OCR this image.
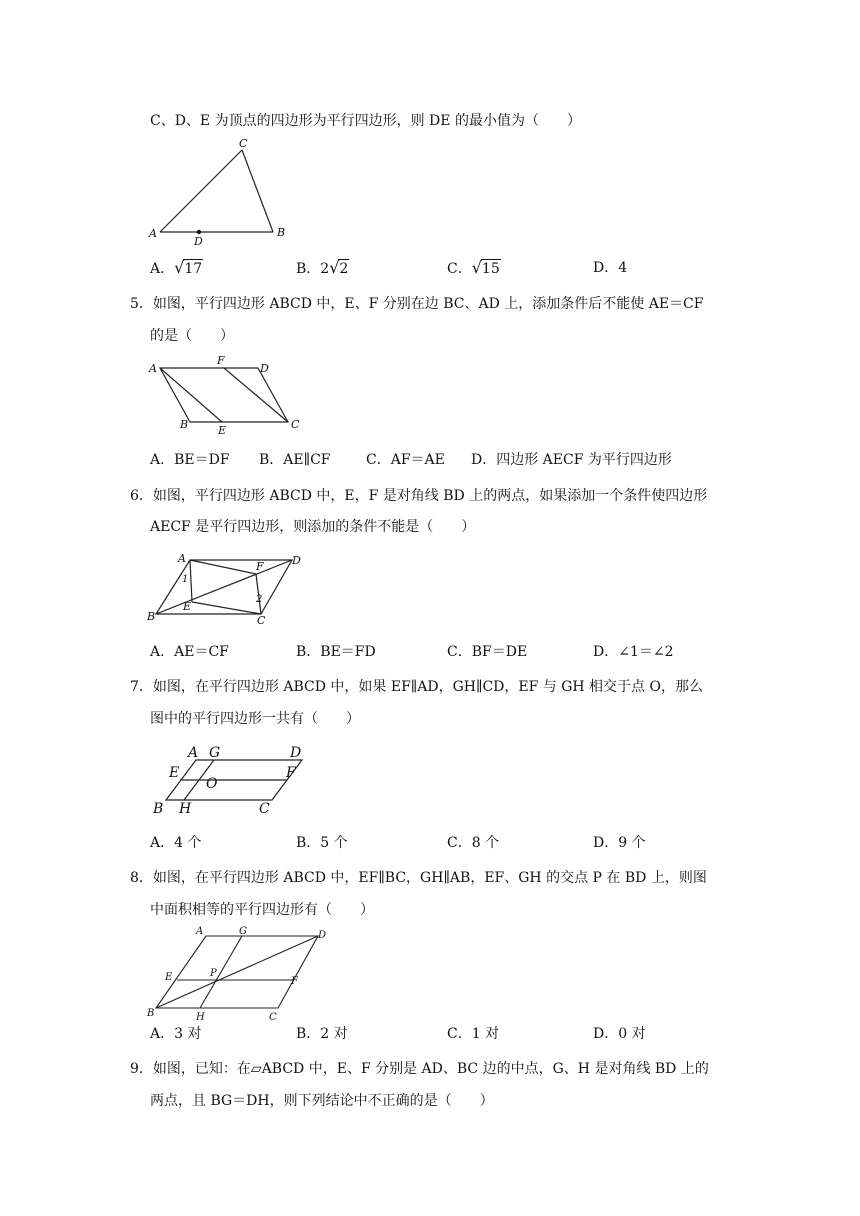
C、D、E 为顶点的四边形为平行四边形，则 DE 的最小值为（　　）
A
C
B
D
A．√17	B．2√2	C．√15	D．4
5．如图，平行四边形 ABCD 中，E、F 分别在边 BC、AD 上，添加条件后不能使 AE＝CF
的是（　　）
A
F
D
B	E	C
A．BE＝DF B．AE∥CF	C．AF＝AE D．四边形 AECF 为平行四边形
6．如图，平行四边形 ABCD 中，E，F 是对角线 BD 上的两点，如果添加一个条件使四边形
AECF 是平行四边形，则添加的条件不能是（　　）
A	D
F
B
E
C
1
2
A．AE＝CF	B．BE＝FD	C．BF＝DE	D．∠1＝∠2
7．如图，在平行四边形 ABCD 中，如果 EF∥AD，GH∥CD，EF 与 GH 相交于点 O，那么
图中的平行四边形一共有（　　）
A G	D
E
O
F
B H	C
A．4 个	B．5 个	C．8 个	D．9 个
8．如图，在平行四边形 ABCD 中，EF∥BC，GH∥AB，EF、GH 的交点 P 在 BD 上，则图
中面积相等的平行四边形有（　　）
A	G	D
E	P
F
B	H	C
A．3 对	B．2 对	C．1 对	D．0 对
9．如图，已知：在▱ABCD 中，E、F 分别是 AD、BC 边的中点，G、H 是对角线 BD 上的
两点，且 BG＝DH，则下列结论中不正确的是（　　）
